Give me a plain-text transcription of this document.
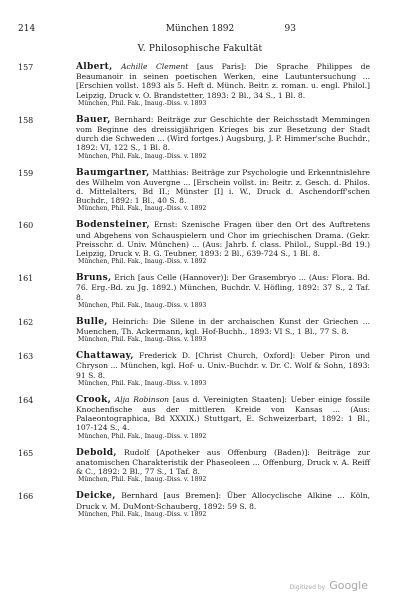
214	München 1892	93
V. Philosophische Fakultät
157	Albert, Achille Clement [aus Paris]: Die Sprache Philippes de Beaumanoir in seinen poetischen Werken, eine Lautuntersuchung ... [Erschien vollst. 1893 als 5. Heft d. Münch. Beitr. z. roman. u. engl. Philol.] Leipzig, Druck v. O. Brandstetter, 1893: 2 Bl., 34 S., 1 Bl. 8.
München, Phil. Fak., Inaug.-Diss. v. 1893
158	Bauer, Bernhard: Beiträge zur Geschichte der Reichsstadt Memmingen vom Beginne des dreissigjährigen Krieges bis zur Besetzung der Stadt durch die Schweden ... (Wird fortges.) Augsburg, J. P. Himmer'sche Buchdr., 1892: VI, 122 S., 1 Bl. 8.
München, Phil. Fak., Inaug.-Diss. v. 1892
159	Baumgartner, Matthias: Beiträge zur Psychologie und Erkenntnislehre des Wilhelm von Auvergne ... [Erschein vollst. in: Beitr. z. Gesch. d. Philos. d. Mittelalters, Bd II.; Münster [I] i. W., Druck d. Aschendorff'schen Buchdr., 1892: 1 Bl., 40 S. 8.
München, Phil. Fak., Inaug.-Diss. v. 1892
160	Bodensteiner, Ernst: Szenische Fragen über den Ort des Auftretens und Abgehens von Schauspielern und Chor im griechischen Drama. (Gekr. Preisschr. d. Univ. München) ... (Aus: Jahrb. f. class. Philol., Suppl.-Bd 19.) Leipzig, Druck v. B. G. Teubner, 1893: 2 Bl., 639-724 S., 1 Bl. 8.
München, Phil. Fak., Inaug.-Diss. v. 1892
161	Bruns, Erich [aus Celle (Hannover)]: Der Grasembryo ... (Aus: Flora. Bd. 76. Erg.-Bd. zu Jg. 1892.) München, Buchdr. V. Höfling, 1892: 37 S., 2 Taf. 8.
München, Phil. Fak., Inaug.-Diss. v. 1893
162	Bulle, Heinrich: Die Silene in der archaischen Kunst der Griechen ... Muenchen, Th. Ackermann, kgl. Hof-Buchh., 1893: VI S., 1 Bl., 77 S. 8.
München, Phil. Fak., Inaug.-Diss. v. 1893
163	Chattaway, Frederick D. [Christ Church, Oxford]: Ueber Piron und Chryson ... München, kgl. Hof- u. Univ.-Buchdr. v. Dr. C. Wolf & Sohn, 1893: 91 S. 8.
München, Phil. Fak., Inaug.-Diss. v. 1893
164	Crook, Alja Robinson [aus d. Vereinigten Staaten]: Ueber einige fossile Knochenfische aus der mittleren Kreide von Kansas ... (Aus: Palaeontographica, Bd XXXIX.) Stuttgart, E. Schweizerbart, 1892: 1 Bl., 107-124 S., 4.
München, Phil. Fak., Inaug.-Diss. v. 1892
165	Debold, Rudolf [Apotheker aus Offenburg (Baden)]: Beiträge zur anatomischen Charakteristik der Phaseoleen ... Offenburg, Druck v. A. Reiff & C., 1892: 2 Bl., 77 S., 1 Taf. 8.
München, Phil. Fak., Inaug.-Diss. v. 1892
166	Deicke, Bernhard [aus Bremen]: Über Allocyclische Alkine ... Köln, Druck v. M. DuMont-Schauberg, 1892: 59 S. 8.
München, Phil. Fak., Inaug.-Diss. v. 1892
Digitized by Google
